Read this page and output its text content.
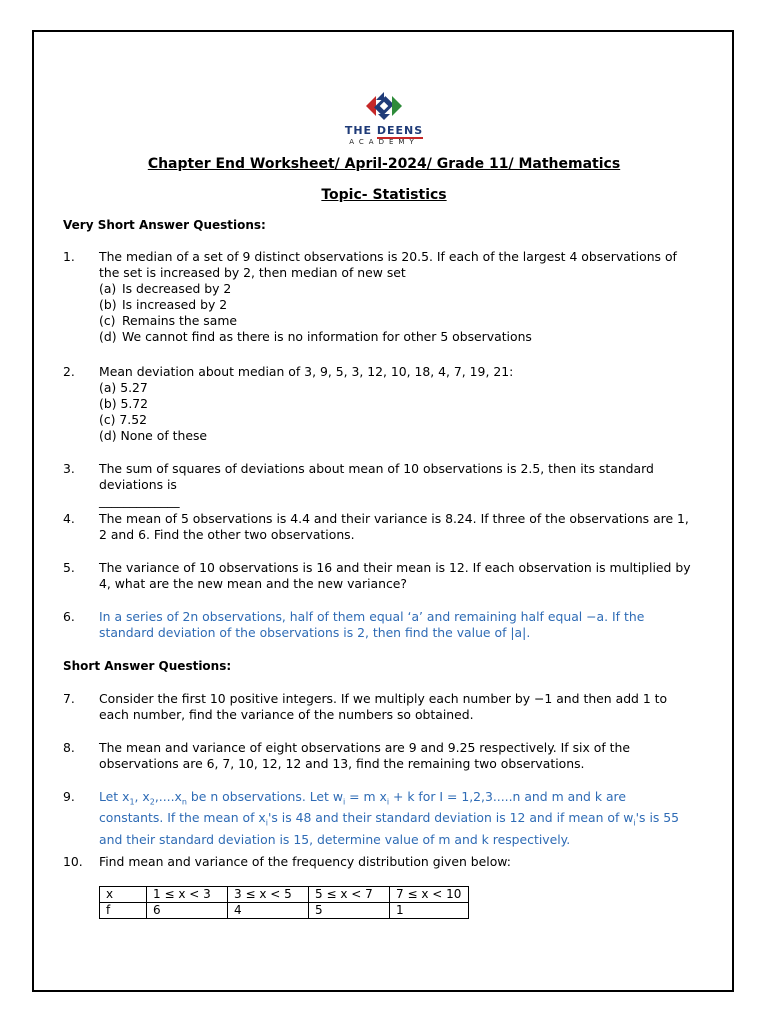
THE DEENS
ACADEMY
Chapter End Worksheet/ April-2024/ Grade 11/ Mathematics
Topic- Statistics
Very Short Answer Questions:
1. The median of a set of 9 distinct observations is 20.5. If each of the largest 4 observations of the set is increased by 2, then median of new set
(a) Is decreased by 2
(b) Is increased by 2
(c) Remains the same
(d) We cannot find as there is no information for other 5 observations
2. Mean deviation about median of 3, 9, 5, 3, 12, 10, 18, 4, 7, 19, 21:
(a) 5.27
(b) 5.72
(c) 7.52
(d) None of these
3. The sum of squares of deviations about mean of 10 observations is 2.5, then its standard deviations is
_____________
4. The mean of 5 observations is 4.4 and their variance is 8.24. If three of the observations are 1, 2 and 6. Find the other two observations.
5. The variance of 10 observations is 16 and their mean is 12. If each observation is multiplied by 4, what are the new mean and the new variance?
6. In a series of 2n observations, half of them equal ‘a’ and remaining half equal −a. If the standard deviation of the observations is 2, then find the value of |a|.
Short Answer Questions:
7. Consider the first 10 positive integers. If we multiply each number by −1 and then add 1 to each number, find the variance of the numbers so obtained.
8. The mean and variance of eight observations are 9 and 9.25 respectively. If six of the observations are 6, 7, 10, 12, 12 and 13, find the remaining two observations.
9. Let $x_1$, $x_2,....x_n$ be n observations. Let $w_i = m$ $x_i + k$ for I = 1,2,3.....n and m and k are constants. If the mean of $x_i's$ is 48 and their standard deviation is 12 and if mean of $w_i's$ is 55 and their standard deviation is 15, determine value of m and k respectively.
10. Find mean and variance of the frequency distribution given below:
x	1 ≤ x < 3	3 ≤ x < 5	5 ≤ x < 7	7 ≤ x < 10
f	6	4	5	1
